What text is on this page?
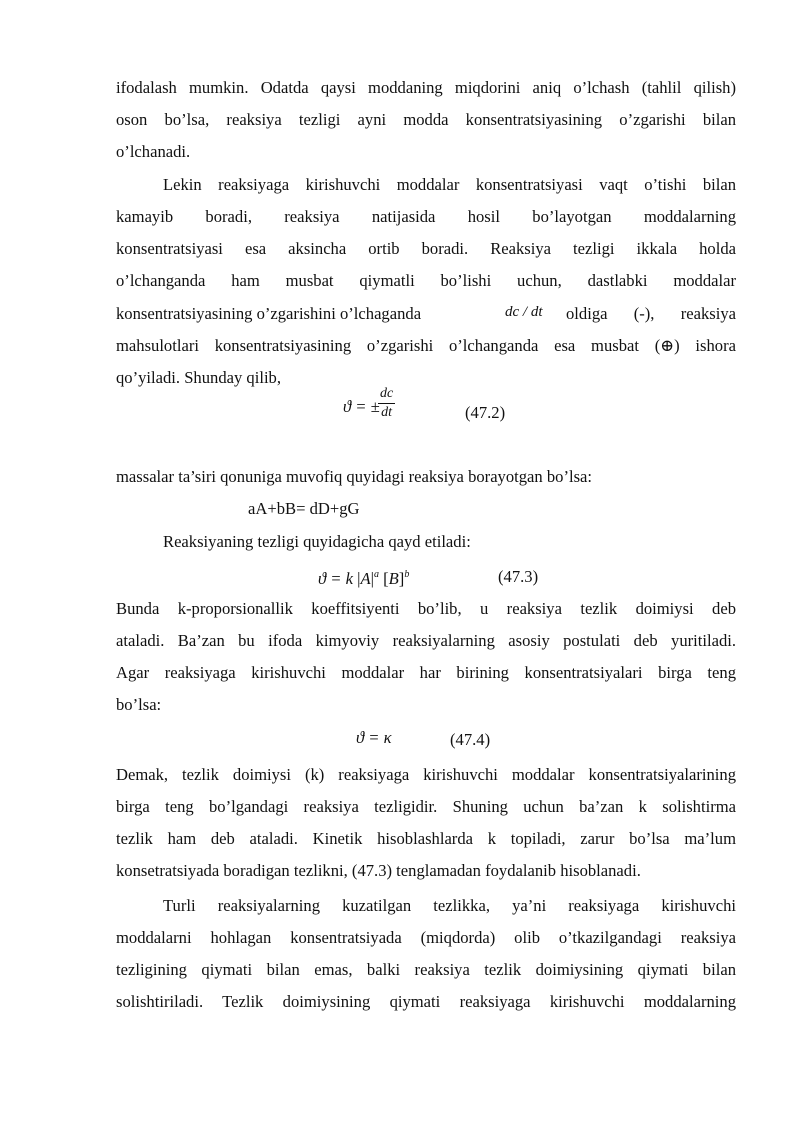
ifodalash mumkin. Odatda qaysi moddaning miqdorini aniq o’lchash (tahlil qilish)
oson bo’lsa, reaksiya tezligi ayni modda konsentratsiyasining o’zgarishi bilan
o’lchanadi.
Lekin reaksiyaga kirishuvchi moddalar konsentratsiyasi vaqt o’tishi bilan
kamayib boradi, reaksiya natijasida hosil bo’layotgan moddalarning
konsentratsiyasi esa aksincha ortib boradi. Reaksiya tezligi ikkala holda
o’lchanganda ham musbat qiymatli bo’lishi uchun, dastlabki moddalar
konsentratsiyasining o’zgarishini o’lchaganda	dc / dt oldiga (-), reaksiya
mahsulotlari konsentratsiyasining o’zgarishi o’lchanganda esa musbat (⊕) ishora
qo’yiladi. Shunday qilib,
ϑ = ±
$\frac{dc}{dt}$	(47.2)
massalar ta’siri qonuniga muvofiq quyidagi reaksiya borayotgan bo’lsa:
aA+bB= dD+gG
Reaksiyaning tezligi quyidagicha qayd etiladi:
ϑ = k $|A|^a$ $[B]^b$	(47.3)
Bunda k-proporsionallik koeffitsiyenti bo’lib, u reaksiya tezlik doimiysi deb
ataladi. Ba’zan bu ifoda kimyoviy reaksiyalarning asosiy postulati deb yuritiladi.
Agar reaksiyaga kirishuvchi moddalar har birining konsentratsiyalari birga teng
bo’lsa:
ϑ = κ	(47.4)
Demak, tezlik doimiysi (k) reaksiyaga kirishuvchi moddalar konsentratsiyalarining
birga teng bo’lgandagi reaksiya tezligidir. Shuning uchun ba’zan k solishtirma
tezlik ham deb ataladi. Kinetik hisoblashlarda k topiladi, zarur bo’lsa ma’lum
konsetratsiyada boradigan tezlikni, (47.3) tenglamadan foydalanib hisoblanadi.
Turli reaksiyalarning kuzatilgan tezlikka, ya’ni reaksiyaga kirishuvchi
moddalarni hohlagan konsentratsiyada (miqdorda) olib o’tkazilgandagi reaksiya
tezligining qiymati bilan emas, balki reaksiya tezlik doimiysining qiymati bilan
solishtiriladi. Tezlik doimiysining qiymati reaksiyaga kirishuvchi moddalarning
